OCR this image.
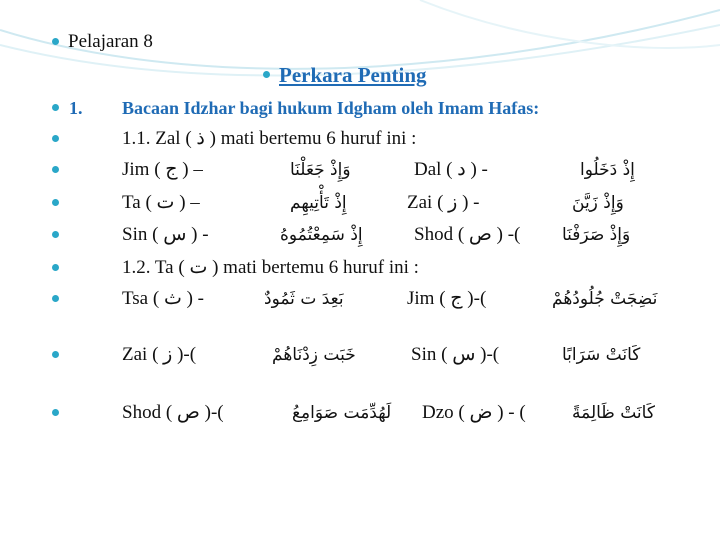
Pelajaran 8
Perkara Penting
1. Bacaan Idzhar bagi hukum Idgham oleh Imam Hafas:
1.1. Zal ( ذ ) mati bertemu 6 huruf ini :
Jim ( ج ) –	وَإِذْ جَعَلْنَا	Dal ( د ) -	إِذْ دَخَلُوا
Ta ( ت ) –	إِذْ تَأْتِيهِم	Zai ( ز ) -	وَإِذْ زَيَّنَ
Sin ( س ) -	إِذْ سَمِعْتُمُوهُ	Shod ( ص ) -( وَإِذْ صَرَفْنَا
1.2. Ta ( ت ) mati bertemu 6 huruf ini :
Tsa ( ث ) -	بَعِدَ ت ثَمُودٌ	Jim ( ج )-(	نَضِجَتْ جُلُودُهُمْ
Zai ( ز )-(	خَبَت زِدْنَاهُمْ	Sin ( س )-(	كَانَتْ سَرَابًا
Shod ( ص )-(	لَهُدِّمَت صَوَامِعُ Dzo ( ض ) - (	كَانَتْ ظَالِمَةً
